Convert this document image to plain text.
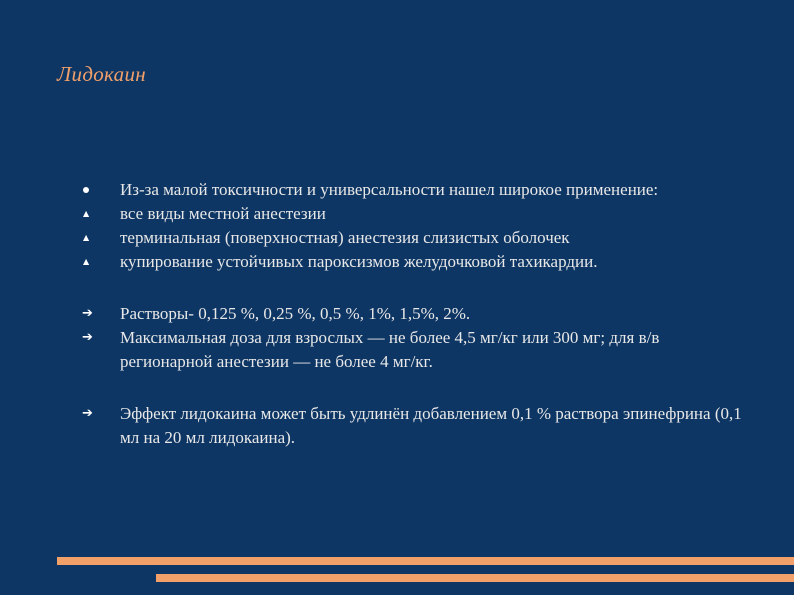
Лидокаин
Из-за малой токсичности и универсальности нашел широкое применение:
▲ все виды местной анестезии
▲ терминальная (поверхностная) анестезия слизистых оболочек
▲ купирование устойчивых пароксизмов желудочковой тахикардии.
➔ Растворы- 0,125 %, 0,25 %, 0,5 %, 1%, 1,5%, 2%.
➔ Максимальная доза для взрослых — не более 4,5 мг/кг или 300 мг; для в/в регионарной анестезии — не более 4 мг/кг.
➔ Эффект лидокаина может быть удлинён добавлением 0,1 % раствора эпинефрина (0,1 мл на 20 мл лидокаина).
